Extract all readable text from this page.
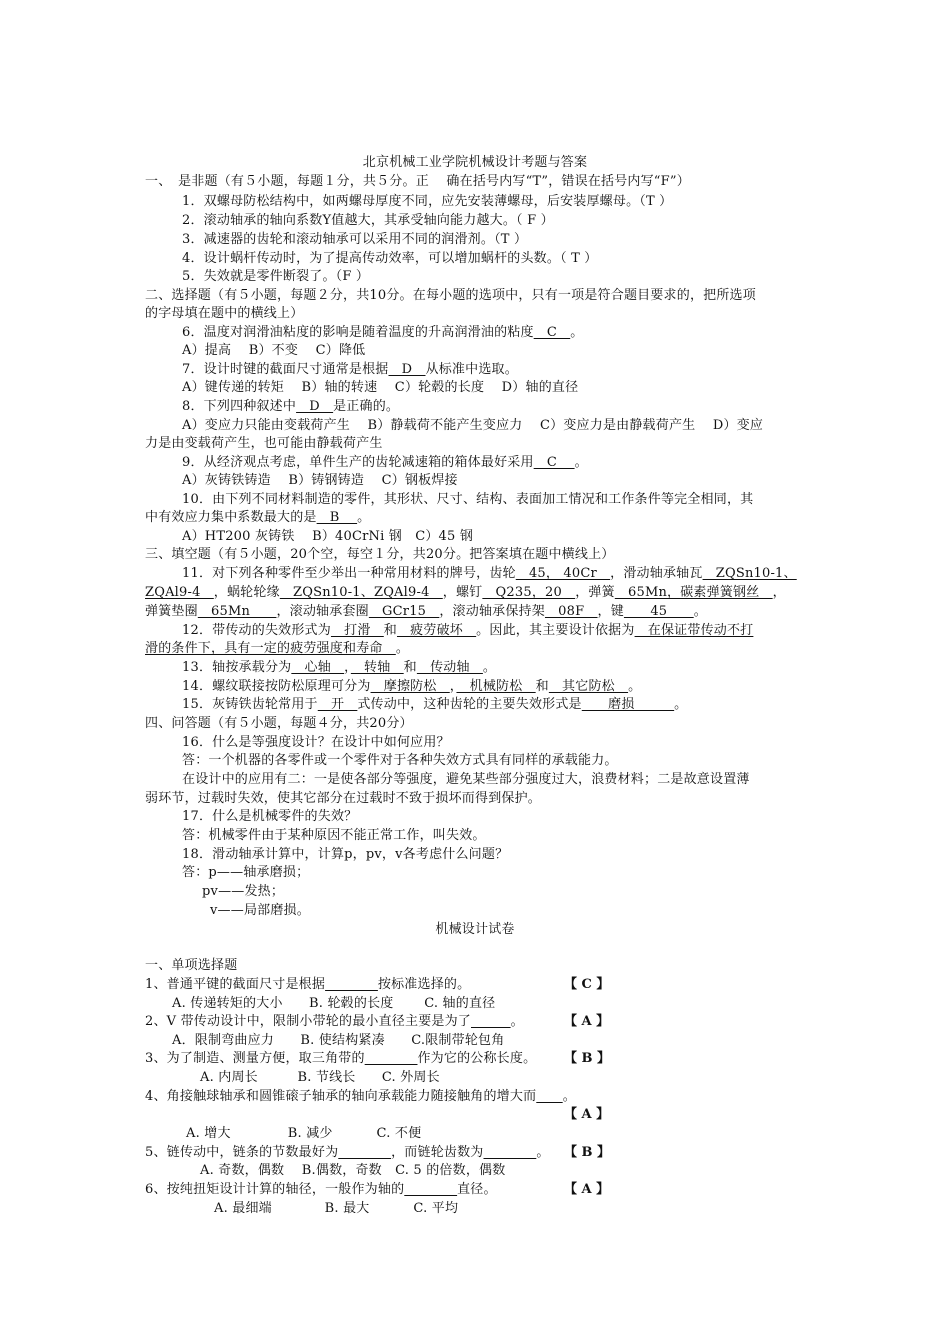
北京机械工业学院机械设计考题与答案
一、　是非题（有５小题，每题１分，共５分。正　 确在括号内写“T”，错误在括号内写“F”）
1．双螺母防松结构中，如两螺母厚度不同，应先安装薄螺母，后安装厚螺母。（T ）
2．滚动轴承的轴向系数Y值越大，其承受轴向能力越大。（ F ）
3．减速器的齿轮和滚动轴承可以采用不同的润滑剂。（T ）
4．设计蜗杆传动时，为了提高传动效率，可以增加蜗杆的头数。（ T ）
5．失效就是零件断裂了。（F ）
二、选择题（有５小题，每题２分，共10分。在每小题的选项中，只有一项是符合题目要求的，把所选项
的字母填在题中的横线上）
6．温度对润滑油粘度的影响是随着温度的升高润滑油的粘度　C　。
A）提高　 B）不变　 C）降低
7．设计时键的截面尺寸通常是根据　D　从标准中选取。
A）键传递的转矩　 B）轴的转速　 C）轮毂的长度　 D）轴的直径
8．下列四种叙述中　D　是正确的。
A）变应力只能由变载荷产生　 B）静载荷不能产生变应力　 C）变应力是由静载荷产生　 D）变应
力是由变载荷产生，也可能由静载荷产生
9．从经济观点考虑，单件生产的齿轮减速箱的箱体最好采用　C　 。
A）灰铸铁铸造　 B）铸钢铸造　 C）钢板焊接
10．由下列不同材料制造的零件，其形状、尺寸、结构、表面加工情况和工作条件等完全相同，其
中有效应力集中系数最大的是　B　 。
A）HT200 灰铸铁　 B）40CrNi 钢　C）45 钢
三、填空题（有５小题，20个空，每空１分，共20分。把答案填在题中横线上）
11．对下列各种零件至少举出一种常用材料的牌号，齿轮　45， 40Cr　，滑动轴承轴瓦　ZQSn10-1、
ZQAl9-4　，蜗轮轮缘　ZQSn10-1、ZQAl9-4　，螺钉　Q235，20　，弹簧　65Mn，碳素弹簧钢丝　，
弹簧垫圈　65Mn　　，滚动轴承套圈　GCr15　，滚动轴承保持架　08F　，键　　45　　。
12．带传动的失效形式为　打滑　和　疲劳破坏　。因此，其主要设计依据为　在保证带传动不打
滑的条件下，具有一定的疲劳强度和寿命　。
13．轴按承载分为　心轴　，　转轴　和　传动轴　。
14．螺纹联接按防松原理可分为　摩擦防松　，　机械防松　和　其它防松　。
15．灰铸铁齿轮常用于　开　式传动中，这种齿轮的主要失效形式是　　磨损　　　。
四、问答题（有５小题，每题４分，共20分）
16．什么是等强度设计？在设计中如何应用？
答：一个机器的各零件或一个零件对于各种失效方式具有同样的承载能力。
在设计中的应用有二：一是使各部分等强度，避免某些部分强度过大，浪费材料；二是故意设置薄
弱环节，过载时失效，使其它部分在过载时不致于损坏而得到保护。
17．什么是机械零件的失效？
答：机械零件由于某种原因不能正常工作，叫失效。
18．滑动轴承计算中，计算p，pv，v各考虑什么问题？
答：p——轴承磨损；
pv——发热；
v——局部磨损。
机械设计试卷
一、单项选择题
1、普通平键的截面尺寸是根据　　　　	按标准选择的。	【 C 】
A. 传递转矩的大小　　B. 轮毂的长度　　 C. 轴的直径
2、V 带传动设计中，限制小带轮的最小直径主要是为了　　　	。	【 A 】
A．限制弯曲应力　　B. 使结构紧凑　　C.限制带轮包角
3、为了制造、测量方便，取三角带的　　　　	作为它的公称长度。 【 B 】
A. 内周长　　　B. 节线长　　C. 外周长
4、角接触球轴承和圆锥磙子轴承的轴向承载能力随接触角的增大而　　 。
【 A 】
A. 增大　　　　 B. 减少　　　 C. 不便
5、链传动中，链条的节数最好为　　　　	，而链轮齿数为　　　　	。 【 B 】
A. 奇数，偶数　 B.偶数，奇数　C. 5 的倍数，偶数
6、按纯扭矩设计计算的轴径，一般作为轴的　　　　	直径。	【 A 】
A. 最细端　　　　B. 最大　　　 C. 平均
